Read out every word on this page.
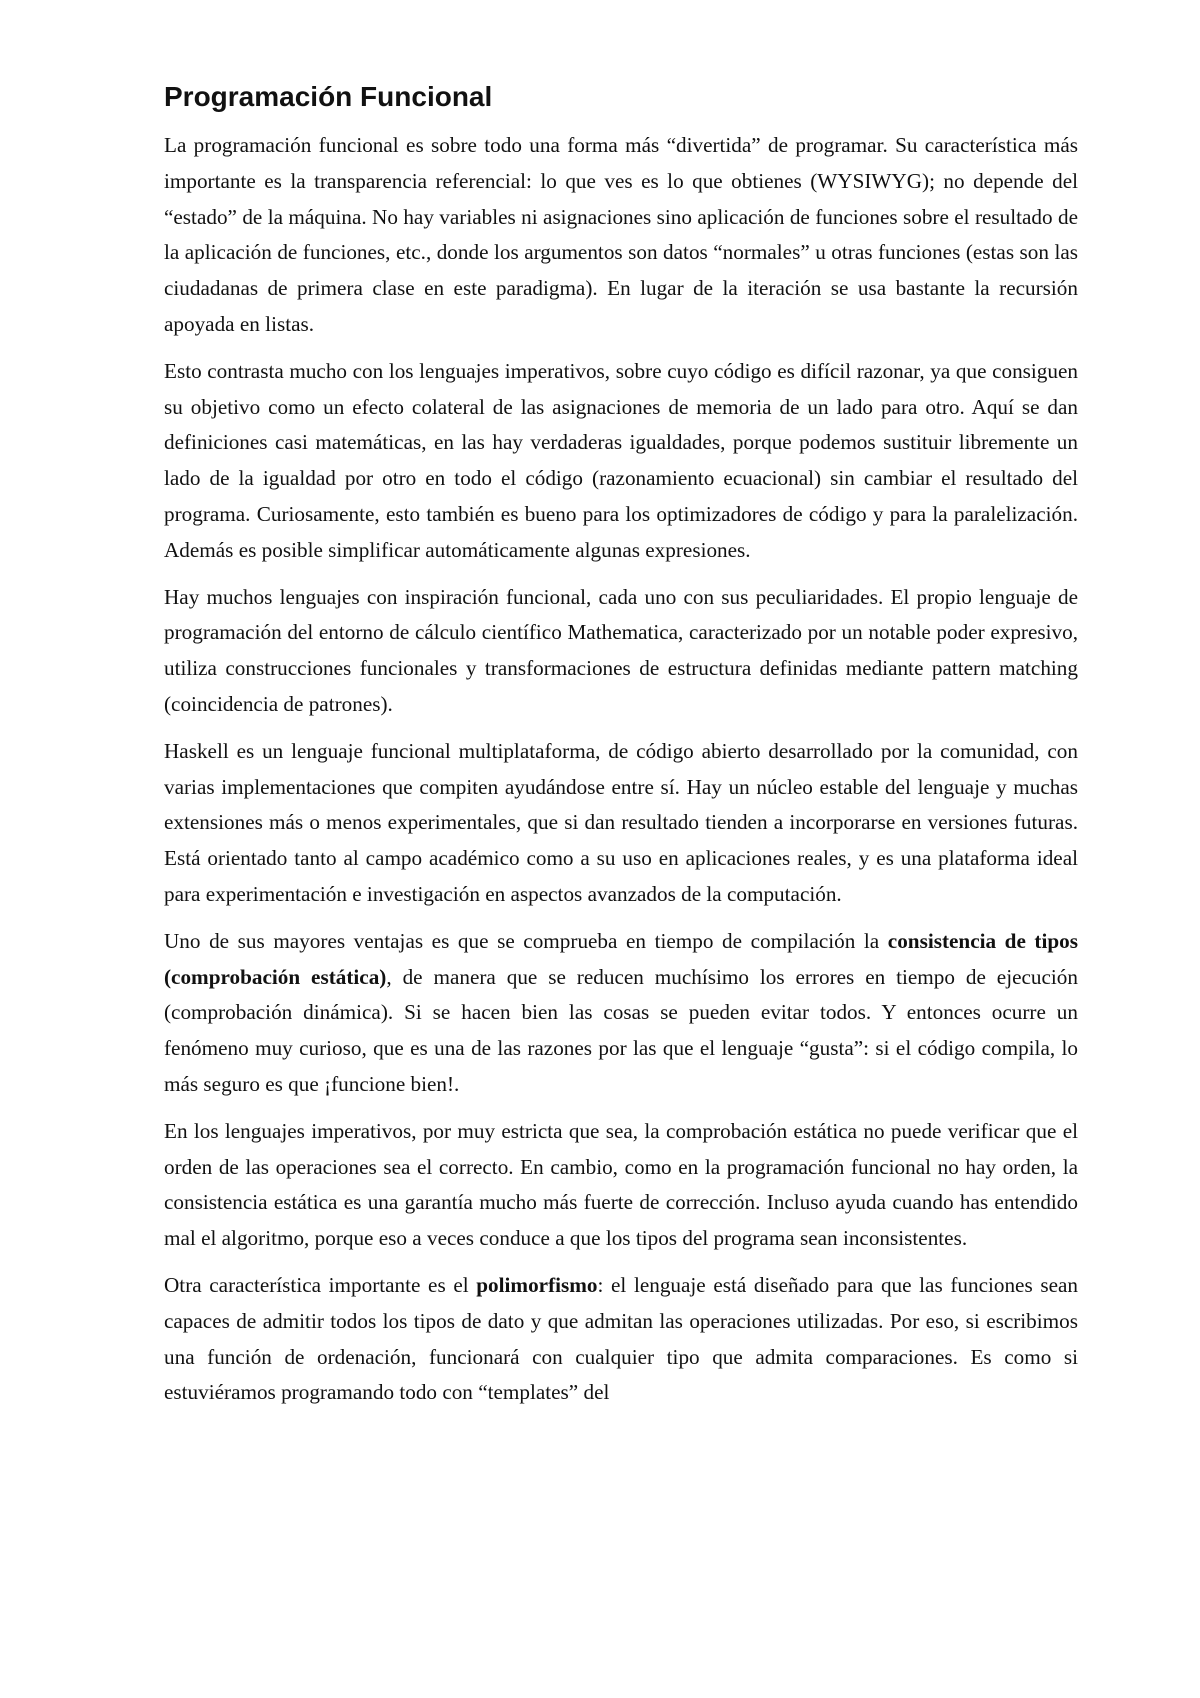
Programación Funcional

La programación funcional es sobre todo una forma más “divertida” de programar. Su característica más importante es la transparencia referencial: lo que ves es lo que obtienes (WYSIWYG); no depende del “estado” de la máquina. No hay variables ni asignaciones sino aplicación de funciones sobre el resultado de la aplicación de funciones, etc., donde los argumentos son datos “normales” u otras funciones (estas son las ciudadanas de primera clase en este paradigma). En lugar de la iteración se usa bastante la recursión apoyada en listas.

Esto contrasta mucho con los lenguajes imperativos, sobre cuyo código es difícil razonar, ya que consiguen su objetivo como un efecto colateral de las asignaciones de memoria de un lado para otro. Aquí se dan definiciones casi matemáticas, en las hay verdaderas igualdades, porque podemos sustituir libremente un lado de la igualdad por otro en todo el código (razonamiento ecuacional) sin cambiar el resultado del programa. Curiosamente, esto también es bueno para los optimizadores de código y para la paralelización. Además es posible simplificar automáticamente algunas expresiones.

Hay muchos lenguajes con inspiración funcional, cada uno con sus peculiaridades. El propio lenguaje de programación del entorno de cálculo científico Mathematica, caracterizado por un notable poder expresivo, utiliza construcciones funcionales y transformaciones de estructura definidas mediante pattern matching (coincidencia de patrones).

Haskell es un lenguaje funcional multiplataforma, de código abierto desarrollado por la comunidad, con varias implementaciones que compiten ayudándose entre sí. Hay un núcleo estable del lenguaje y muchas extensiones más o menos experimentales, que si dan resultado tienden a incorporarse en versiones futuras. Está orientado tanto al campo académico como a su uso en aplicaciones reales, y es una plataforma ideal para experimentación e investigación en aspectos avanzados de la computación.

Uno de sus mayores ventajas es que se comprueba en tiempo de compilación la consistencia de tipos (comprobación estática), de manera que se reducen muchísimo los errores en tiempo de ejecución (comprobación dinámica). Si se hacen bien las cosas se pueden evitar todos. Y entonces ocurre un fenómeno muy curioso, que es una de las razones por las que el lenguaje “gusta”: si el código compila, lo más seguro es que ¡funcione bien!.

En los lenguajes imperativos, por muy estricta que sea, la comprobación estática no puede verificar que el orden de las operaciones sea el correcto. En cambio, como en la programación funcional no hay orden, la consistencia estática es una garantía mucho más fuerte de corrección. Incluso ayuda cuando has entendido mal el algoritmo, porque eso a veces conduce a que los tipos del programa sean inconsistentes.

Otra característica importante es el polimorfismo: el lenguaje está diseñado para que las funciones sean capaces de admitir todos los tipos de dato y que admitan las operaciones utilizadas. Por eso, si escribimos una función de ordenación, funcionará con cualquier tipo que admita comparaciones. Es como si estuviéramos programando todo con “templates” del
